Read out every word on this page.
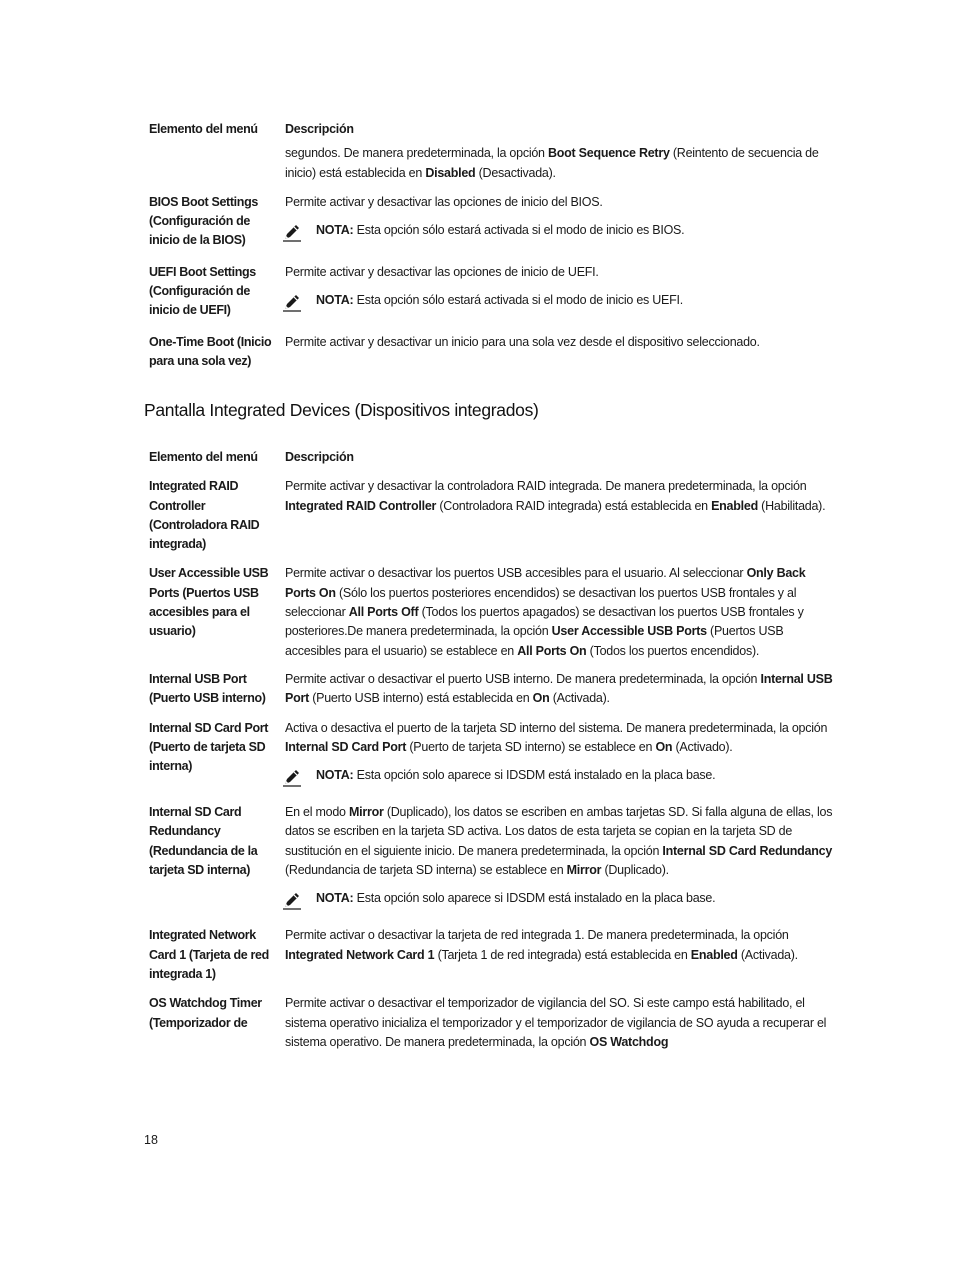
Elemento del menú	Descripción

segundos. De manera predeterminada, la opción Boot Sequence Retry (Reintento de secuencia de inicio) está establecida en Disabled (Desactivada).

BIOS Boot Settings (Configuración de inicio de la BIOS)

Permite activar y desactivar las opciones de inicio del BIOS.

NOTA: Esta opción sólo estará activada si el modo de inicio es BIOS.

UEFI Boot Settings (Configuración de inicio de UEFI)

Permite activar y desactivar las opciones de inicio de UEFI.

NOTA: Esta opción sólo estará activada si el modo de inicio es UEFI.

One-Time Boot (Inicio para una sola vez)

Permite activar y desactivar un inicio para una sola vez desde el dispositivo seleccionado.

Pantalla Integrated Devices (Dispositivos integrados)
Elemento del menú	Descripción
Integrated RAID Controller (Controladora RAID integrada)

Permite activar y desactivar la controladora RAID integrada. De manera predeterminada, la opción Integrated RAID Controller (Controladora RAID integrada) está establecida en Enabled (Habilitada).

User Accessible USB Ports (Puertos USB accesibles para el usuario)

Permite activar o desactivar los puertos USB accesibles para el usuario. Al seleccionar Only Back Ports On (Sólo los puertos posteriores encendidos) se desactivan los puertos USB frontales y al seleccionar All Ports Off (Todos los puertos apagados) se desactivan los puertos USB frontales y posteriores.De manera predeterminada, la opción User Accessible USB Ports (Puertos USB accesibles para el usuario) se establece en All Ports On (Todos los puertos encendidos).

Internal USB Port (Puerto USB interno)

Permite activar o desactivar el puerto USB interno. De manera predeterminada, la opción Internal USB Port (Puerto USB interno) está establecida en On (Activada).

Internal SD Card Port (Puerto de tarjeta SD interna)

Activa o desactiva el puerto de la tarjeta SD interno del sistema. De manera predeterminada, la opción Internal SD Card Port (Puerto de tarjeta SD interno) se establece en On (Activado).

NOTA: Esta opción solo aparece si IDSDM está instalado en la placa base.

Internal SD Card Redundancy (Redundancia de la tarjeta SD interna)

En el modo Mirror (Duplicado), los datos se escriben en ambas tarjetas SD. Si falla alguna de ellas, los datos se escriben en la tarjeta SD activa. Los datos de esta tarjeta se copian en la tarjeta SD de sustitución en el siguiente inicio. De manera predeterminada, la opción Internal SD Card Redundancy (Redundancia de tarjeta SD interna) se establece en Mirror (Duplicado).

NOTA: Esta opción solo aparece si IDSDM está instalado en la placa base.

Integrated Network Card 1 (Tarjeta de red integrada 1)

Permite activar o desactivar la tarjeta de red integrada 1. De manera predeterminada, la opción Integrated Network Card 1 (Tarjeta 1 de red integrada) está establecida en Enabled (Activada).

OS Watchdog Timer (Temporizador de

Permite activar o desactivar el temporizador de vigilancia del SO. Si este campo está habilitado, el sistema operativo inicializa el temporizador y el temporizador de vigilancia de SO ayuda a recuperar el sistema operativo. De manera predeterminada, la opción OS Watchdog

18
